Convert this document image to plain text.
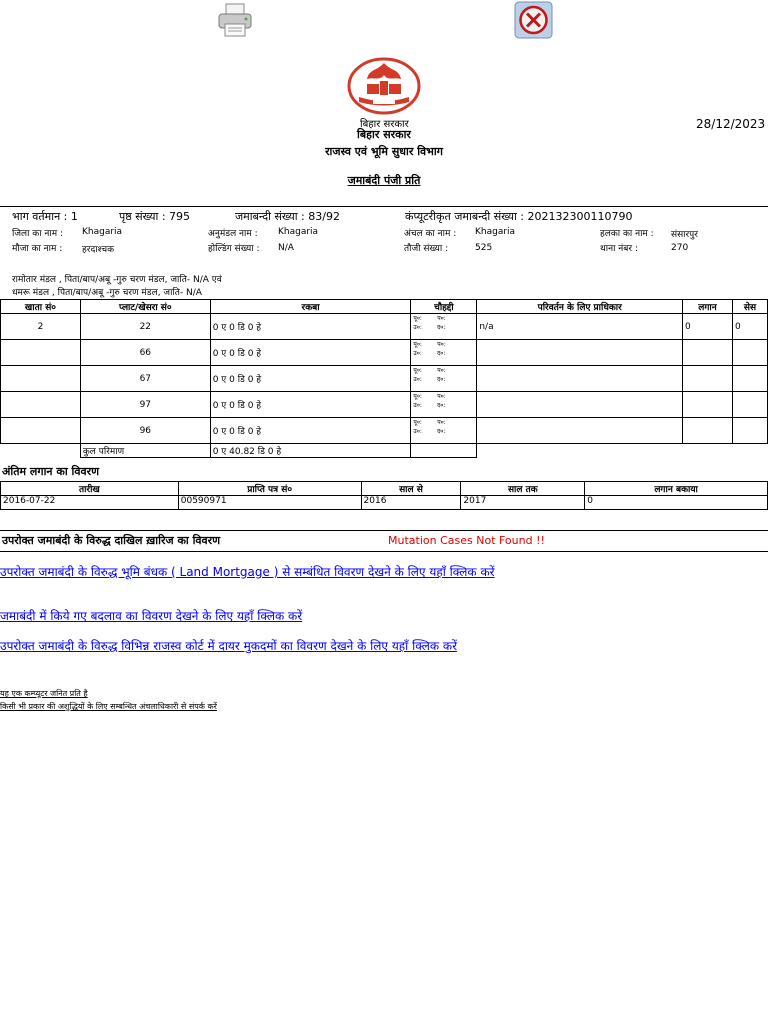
बिहार सरकार
बिहार सरकार
राजस्व एवं भूमि सुधार विभाग
28/12/2023
जमाबंदी पंजी प्रति
भाग वर्तमान : 1	पृष्ठ संख्या : 795	जमाबन्दी संख्या : 83/92	कंप्यूटरीकृत जमाबन्दी संख्या : 202132300110790
जिला का नाम : Khagaria	अनुमंडल नाम : Khagaria	अंचल का नाम : Khagaria	हलका का नाम : संसारपुर
मौजा का नाम : हरदाश्चक	होल्डिंग संख्या : N/A	तौजी संख्या :	525	थाना नंबर :	270
रामोतार मंडल , पिता/बाप/अबू -गुरु चरण मंडल, जाति- N/A एवं
धमरू मंडल , पिता/बाप/अबू -गुरु चरण मंडल, जाति- N/A
खाता सं०	प्लाट/खेसरा सं०	रकबा	चौहद्दी	परिवर्तन के लिए प्राधिकार	लगान	सेस
2	22	0 ए 0 डि 0 हे	पू०:        प०:
उ०:        द०:	n/a	0	0
	66	0 ए 0 डि 0 हे	पू०:        प०:
उ०:        द०:			

	67	0 ए 0 डि 0 हे	पू०:        प०:
उ०:        द०:			

	97	0 ए 0 डि 0 हे	पू०:        प०:
उ०:        द०:			

	96	0 ए 0 डि 0 हे	पू०:        प०:
उ०:        द०:			

	कुल परिमाण	0 ए 40.82 डि 0 हे				
अंतिम लगान का विवरण
तारीख	प्राप्ति पत्र सं०	साल से	साल तक	लगान बकाया
2016-07-22	00590971	2016	2017	0
उपरोक्त जमाबंदी के विरुद्ध दाखिल ख़ारिज का विवरण	Mutation Cases Not Found !!
उपरोक्त जमाबंदी के विरुद्ध भूमि बंधक ( Land Mortgage ) से सम्बंधित विवरण देखने के लिए यहाँ क्लिक करें
जमाबंदी में किये गए बदलाव का विवरण देखने के लिए यहाँ क्लिक करें
उपरोक्त जमाबंदी के विरुद्ध विभिन्न राजस्व कोर्ट में दायर मुकदमों का विवरण देखने के लिए यहाँ क्लिक करें
यह एक कम्प्यूटर जनित प्रति है
किसी भी प्रकार की अशुद्धियों के लिए सम्बन्धित अंचलाधिकारी से संपर्क करें
